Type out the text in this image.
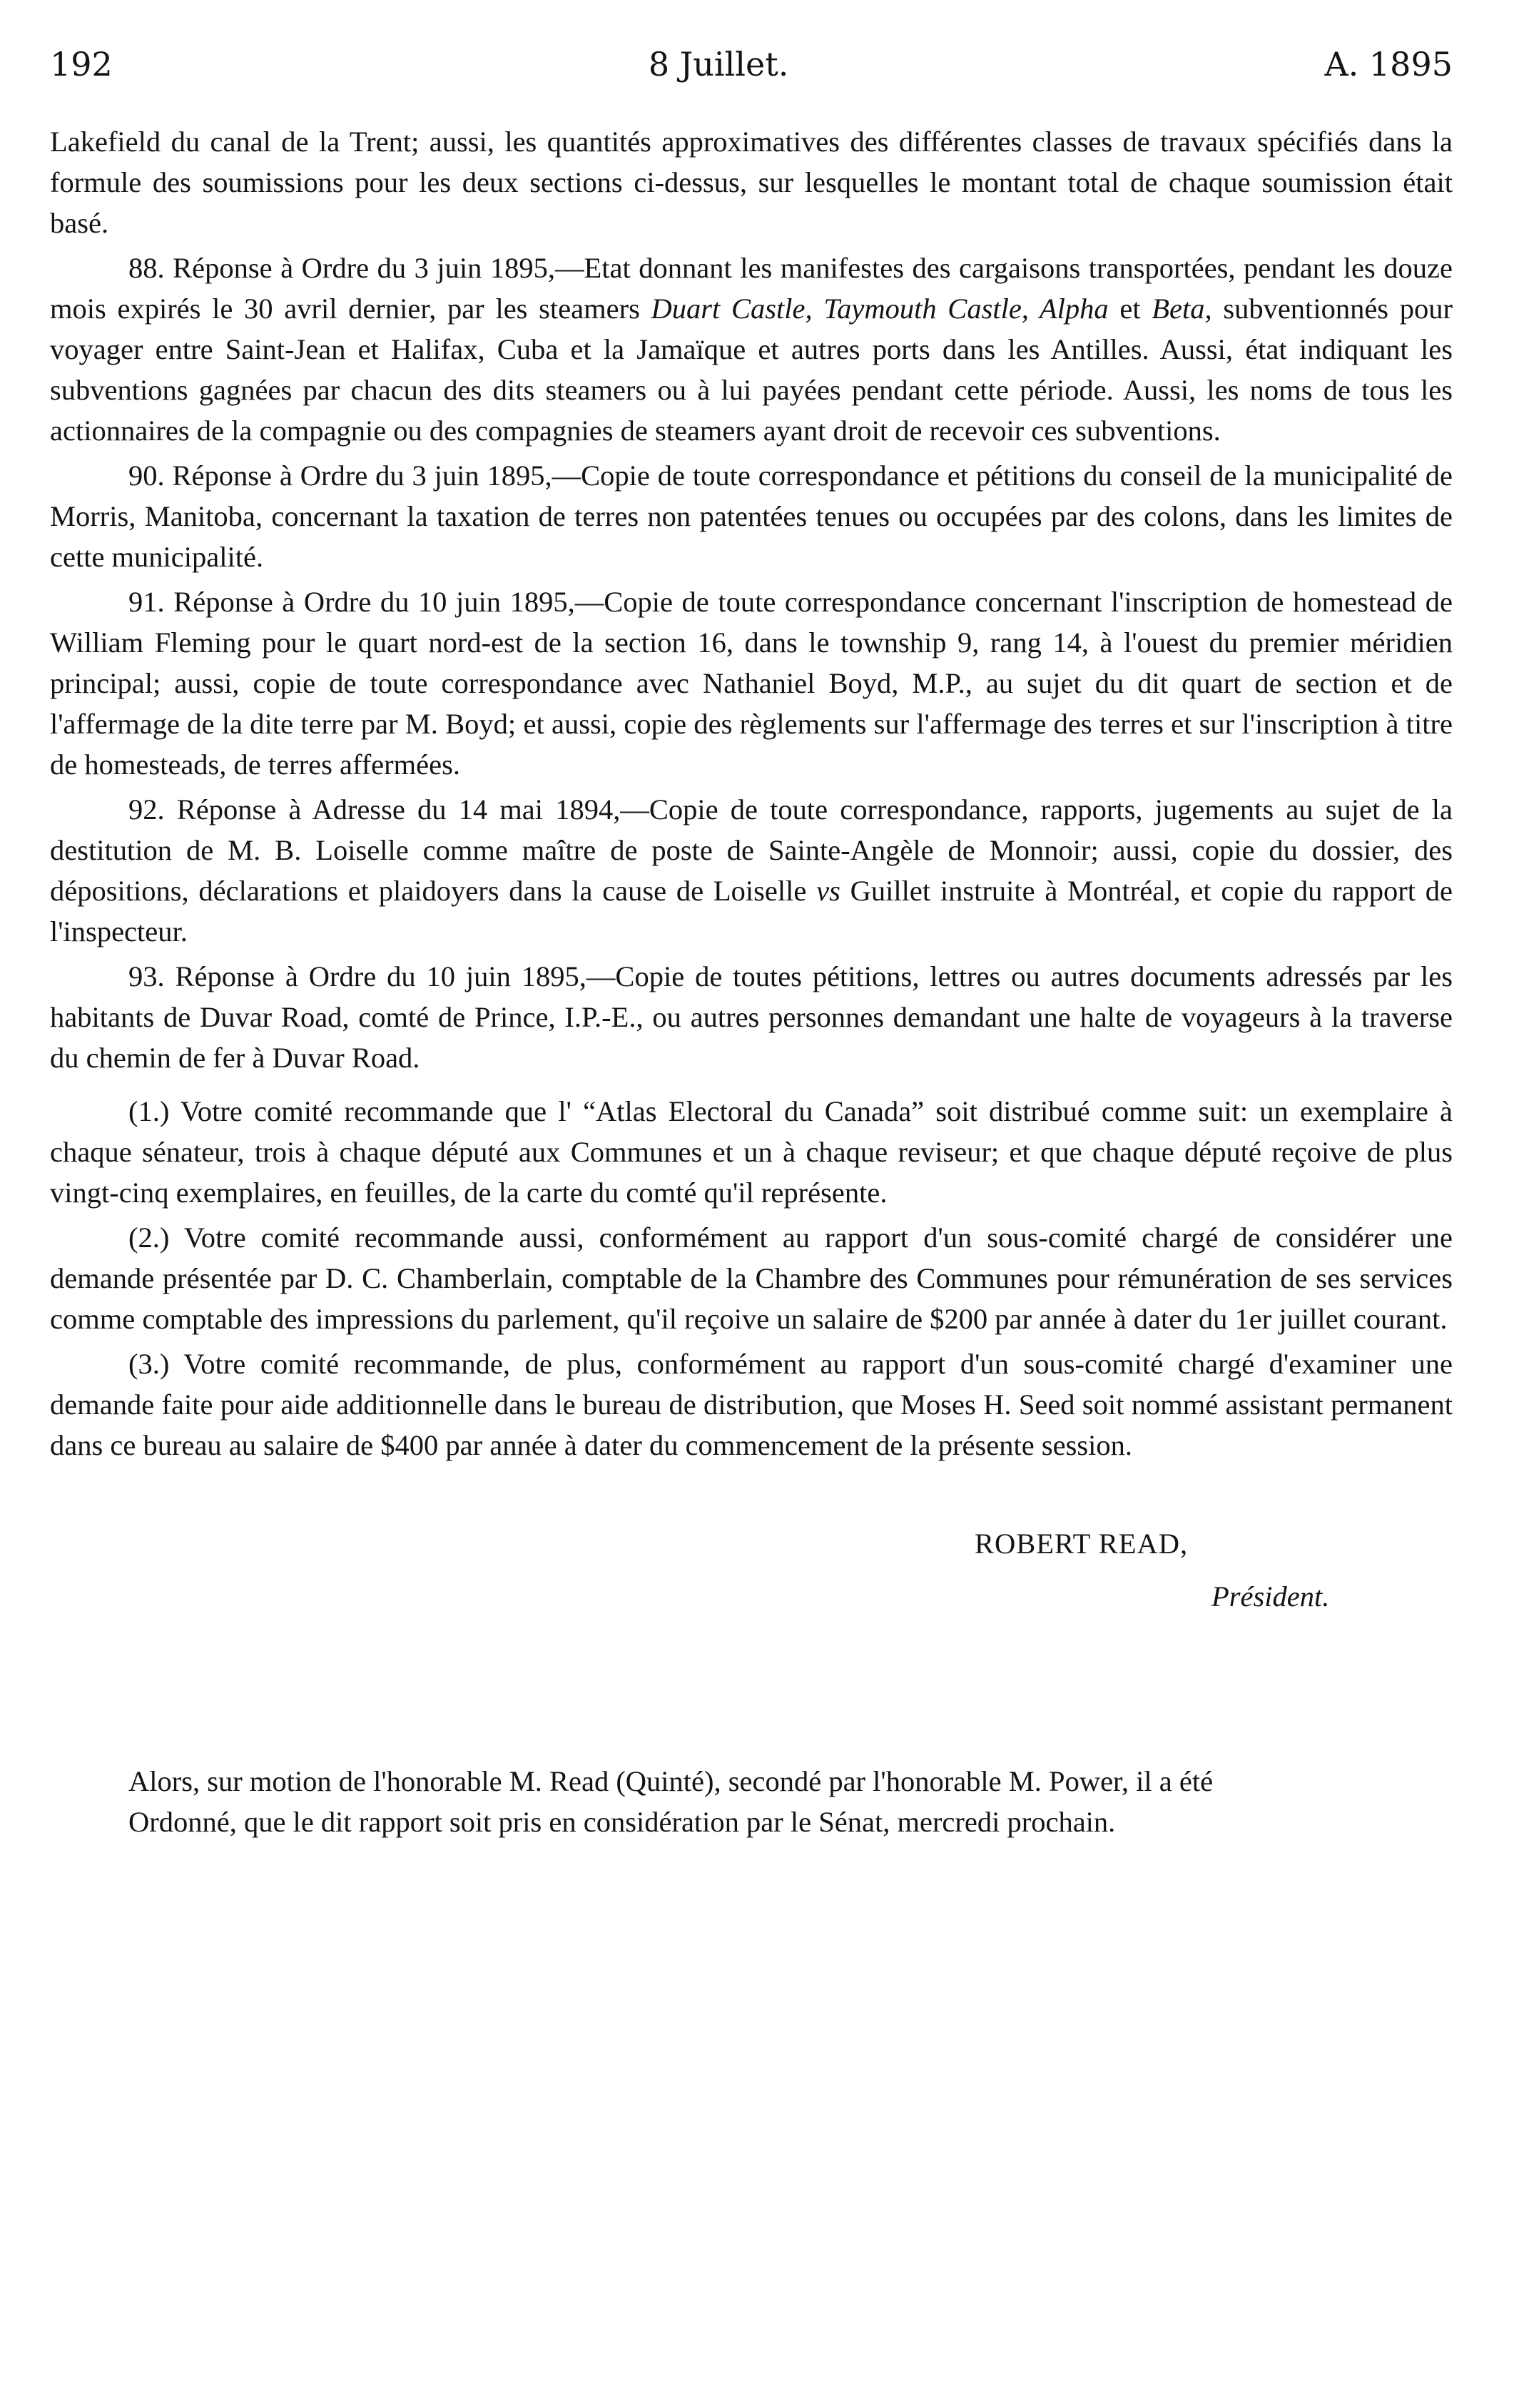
192	8 Juillet.	A. 1895

Lakefield du canal de la Trent; aussi, les quantités approximatives des différentes classes de travaux spécifiés dans la formule des soumissions pour les deux sections ci-dessus, sur lesquelles le montant total de chaque soumission était basé.

88. Réponse à Ordre du 3 juin 1895,—Etat donnant les manifestes des cargaisons transportées, pendant les douze mois expirés le 30 avril dernier, par les steamers Duart Castle, Taymouth Castle, Alpha et Beta, subventionnés pour voyager entre Saint-Jean et Halifax, Cuba et la Jamaïque et autres ports dans les Antilles. Aussi, état indiquant les subventions gagnées par chacun des dits steamers ou à lui payées pendant cette période. Aussi, les noms de tous les actionnaires de la compagnie ou des compagnies de steamers ayant droit de recevoir ces subventions.

90. Réponse à Ordre du 3 juin 1895,—Copie de toute correspondance et pétitions du conseil de la municipalité de Morris, Manitoba, concernant la taxation de terres non patentées tenues ou occupées par des colons, dans les limites de cette municipalité.

91. Réponse à Ordre du 10 juin 1895,—Copie de toute correspondance concernant l'inscription de homestead de William Fleming pour le quart nord-est de la section 16, dans le township 9, rang 14, à l'ouest du premier méridien principal; aussi, copie de toute correspondance avec Nathaniel Boyd, M.P., au sujet du dit quart de section et de l'affermage de la dite terre par M. Boyd; et aussi, copie des règlements sur l'affermage des terres et sur l'inscription à titre de homesteads, de terres affermées.

92. Réponse à Adresse du 14 mai 1894,—Copie de toute correspondance, rapports, jugements au sujet de la destitution de M. B. Loiselle comme maître de poste de Sainte-Angèle de Monnoir; aussi, copie du dossier, des dépositions, déclarations et plaidoyers dans la cause de Loiselle vs Guillet instruite à Montréal, et copie du rapport de l'inspecteur.

93. Réponse à Ordre du 10 juin 1895,—Copie de toutes pétitions, lettres ou autres documents adressés par les habitants de Duvar Road, comté de Prince, I.P.-E., ou autres personnes demandant une halte de voyageurs à la traverse du chemin de fer à Duvar Road.

(1.) Votre comité recommande que l' “Atlas Electoral du Canada” soit distribué comme suit: un exemplaire à chaque sénateur, trois à chaque député aux Communes et un à chaque reviseur; et que chaque député reçoive de plus vingt-cinq exemplaires, en feuilles, de la carte du comté qu'il représente.

(2.) Votre comité recommande aussi, conformément au rapport d'un sous-comité chargé de considérer une demande présentée par D. C. Chamberlain, comptable de la Chambre des Communes pour rémunération de ses services comme comptable des impressions du parlement, qu'il reçoive un salaire de $200 par année à dater du 1er juillet courant.

(3.) Votre comité recommande, de plus, conformément au rapport d'un sous-comité chargé d'examiner une demande faite pour aide additionnelle dans le bureau de distribution, que Moses H. Seed soit nommé assistant permanent dans ce bureau au salaire de $400 par année à dater du commencement de la présente session.

ROBERT READ,
Président.

Alors, sur motion de l'honorable M. Read (Quinté), secondé par l'honorable M. Power, il a été

Ordonné, que le dit rapport soit pris en considération par le Sénat, mercredi prochain.
